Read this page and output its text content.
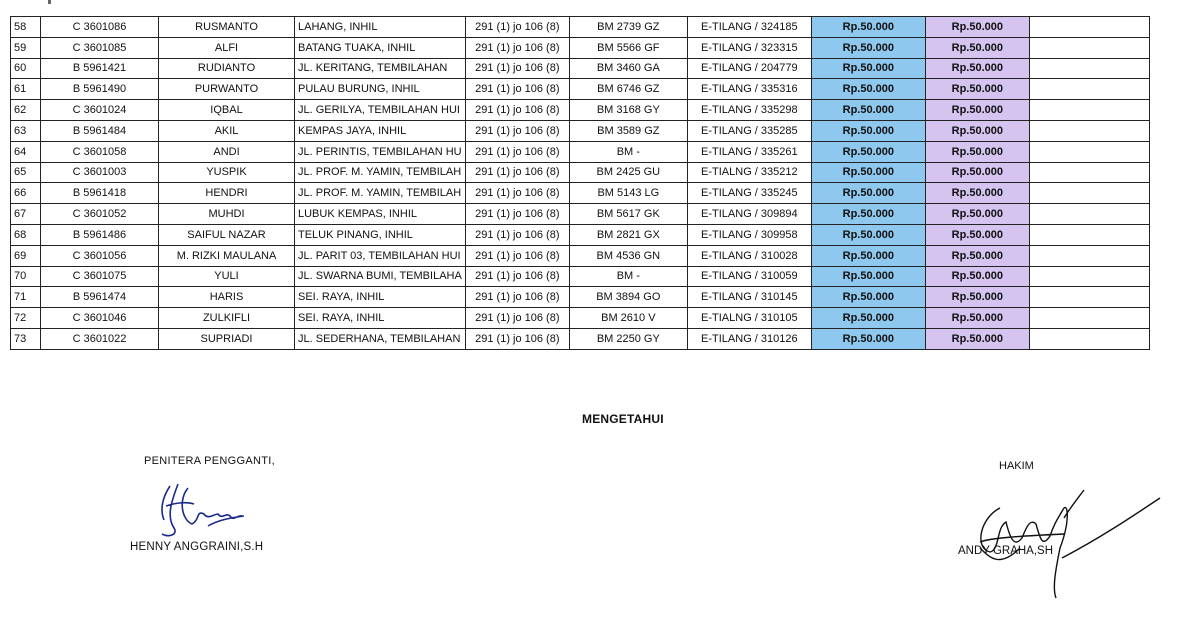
58	C 3601086	RUSMANTO	LAHANG, INHIL	291 (1) jo 106 (8)	BM 2739 GZ	E-TILANG / 324185	Rp.50.000	Rp.50.000	
59	C 3601085	ALFI	BATANG TUAKA, INHIL	291 (1) jo 106 (8)	BM 5566 GF	E-TILANG / 323315	Rp.50.000	Rp.50.000	
60	B 5961421	RUDIANTO	JL. KERITANG, TEMBILAHAN	291 (1) jo 106 (8)	BM 3460 GA	E-TILANG / 204779	Rp.50.000	Rp.50.000	
61	B 5961490	PURWANTO	PULAU BURUNG, INHIL	291 (1) jo 106 (8)	BM 6746 GZ	E-TILANG / 335316	Rp.50.000	Rp.50.000	
62	C 3601024	IQBAL	JL. GERILYA, TEMBILAHAN HUI	291 (1) jo 106 (8)	BM 3168 GY	E-TILANG / 335298	Rp.50.000	Rp.50.000	
63	B 5961484	AKIL	KEMPAS JAYA, INHIL	291 (1) jo 106 (8)	BM 3589 GZ	E-TILANG / 335285	Rp.50.000	Rp.50.000	
64	C 3601058	ANDI	JL. PERINTIS, TEMBILAHAN HU	291 (1) jo 106 (8)	BM -	E-TILANG / 335261	Rp.50.000	Rp.50.000	
65	C 3601003	YUSPIK	JL. PROF. M. YAMIN, TEMBILAH	291 (1) jo 106 (8)	BM 2425 GU	E-TIALNG / 335212	Rp.50.000	Rp.50.000	
66	B 5961418	HENDRI	JL. PROF. M. YAMIN, TEMBILAH	291 (1) jo 106 (8)	BM 5143 LG	E-TILANG / 335245	Rp.50.000	Rp.50.000	
67	C 3601052	MUHDI	LUBUK KEMPAS, INHIL	291 (1) jo 106 (8)	BM 5617 GK	E-TILANG / 309894	Rp.50.000	Rp.50.000	
68	B 5961486	SAIFUL NAZAR	TELUK PINANG, INHIL	291 (1) jo 106 (8)	BM 2821 GX	E-TILANG / 309958	Rp.50.000	Rp.50.000	
69	C 3601056	M. RIZKI MAULANA	JL. PARIT 03, TEMBILAHAN HUI	291 (1) jo 106 (8)	BM 4536 GN	E-TILANG / 310028	Rp.50.000	Rp.50.000	
70	C 3601075	YULI	JL. SWARNA BUMI, TEMBILAHA	291 (1) jo 106 (8)	BM -	E-TILANG / 310059	Rp.50.000	Rp.50.000	
71	B 5961474	HARIS	SEI. RAYA, INHIL	291 (1) jo 106 (8)	BM 3894 GO	E-TILANG / 310145	Rp.50.000	Rp.50.000	
72	C 3601046	ZULKIFLI	SEI. RAYA, INHIL	291 (1) jo 106 (8)	BM 2610 V	E-TIALNG / 310105	Rp.50.000	Rp.50.000	
73	C 3601022	SUPRIADI	JL. SEDERHANA, TEMBILAHAN	291 (1) jo 106 (8)	BM 2250 GY	E-TILANG / 310126	Rp.50.000	Rp.50.000	
MENGETAHUI
PENITERA PENGGANTI,
HENNY ANGGRAINI,S.H
HAKIM
ANDY GRAHA,SH
